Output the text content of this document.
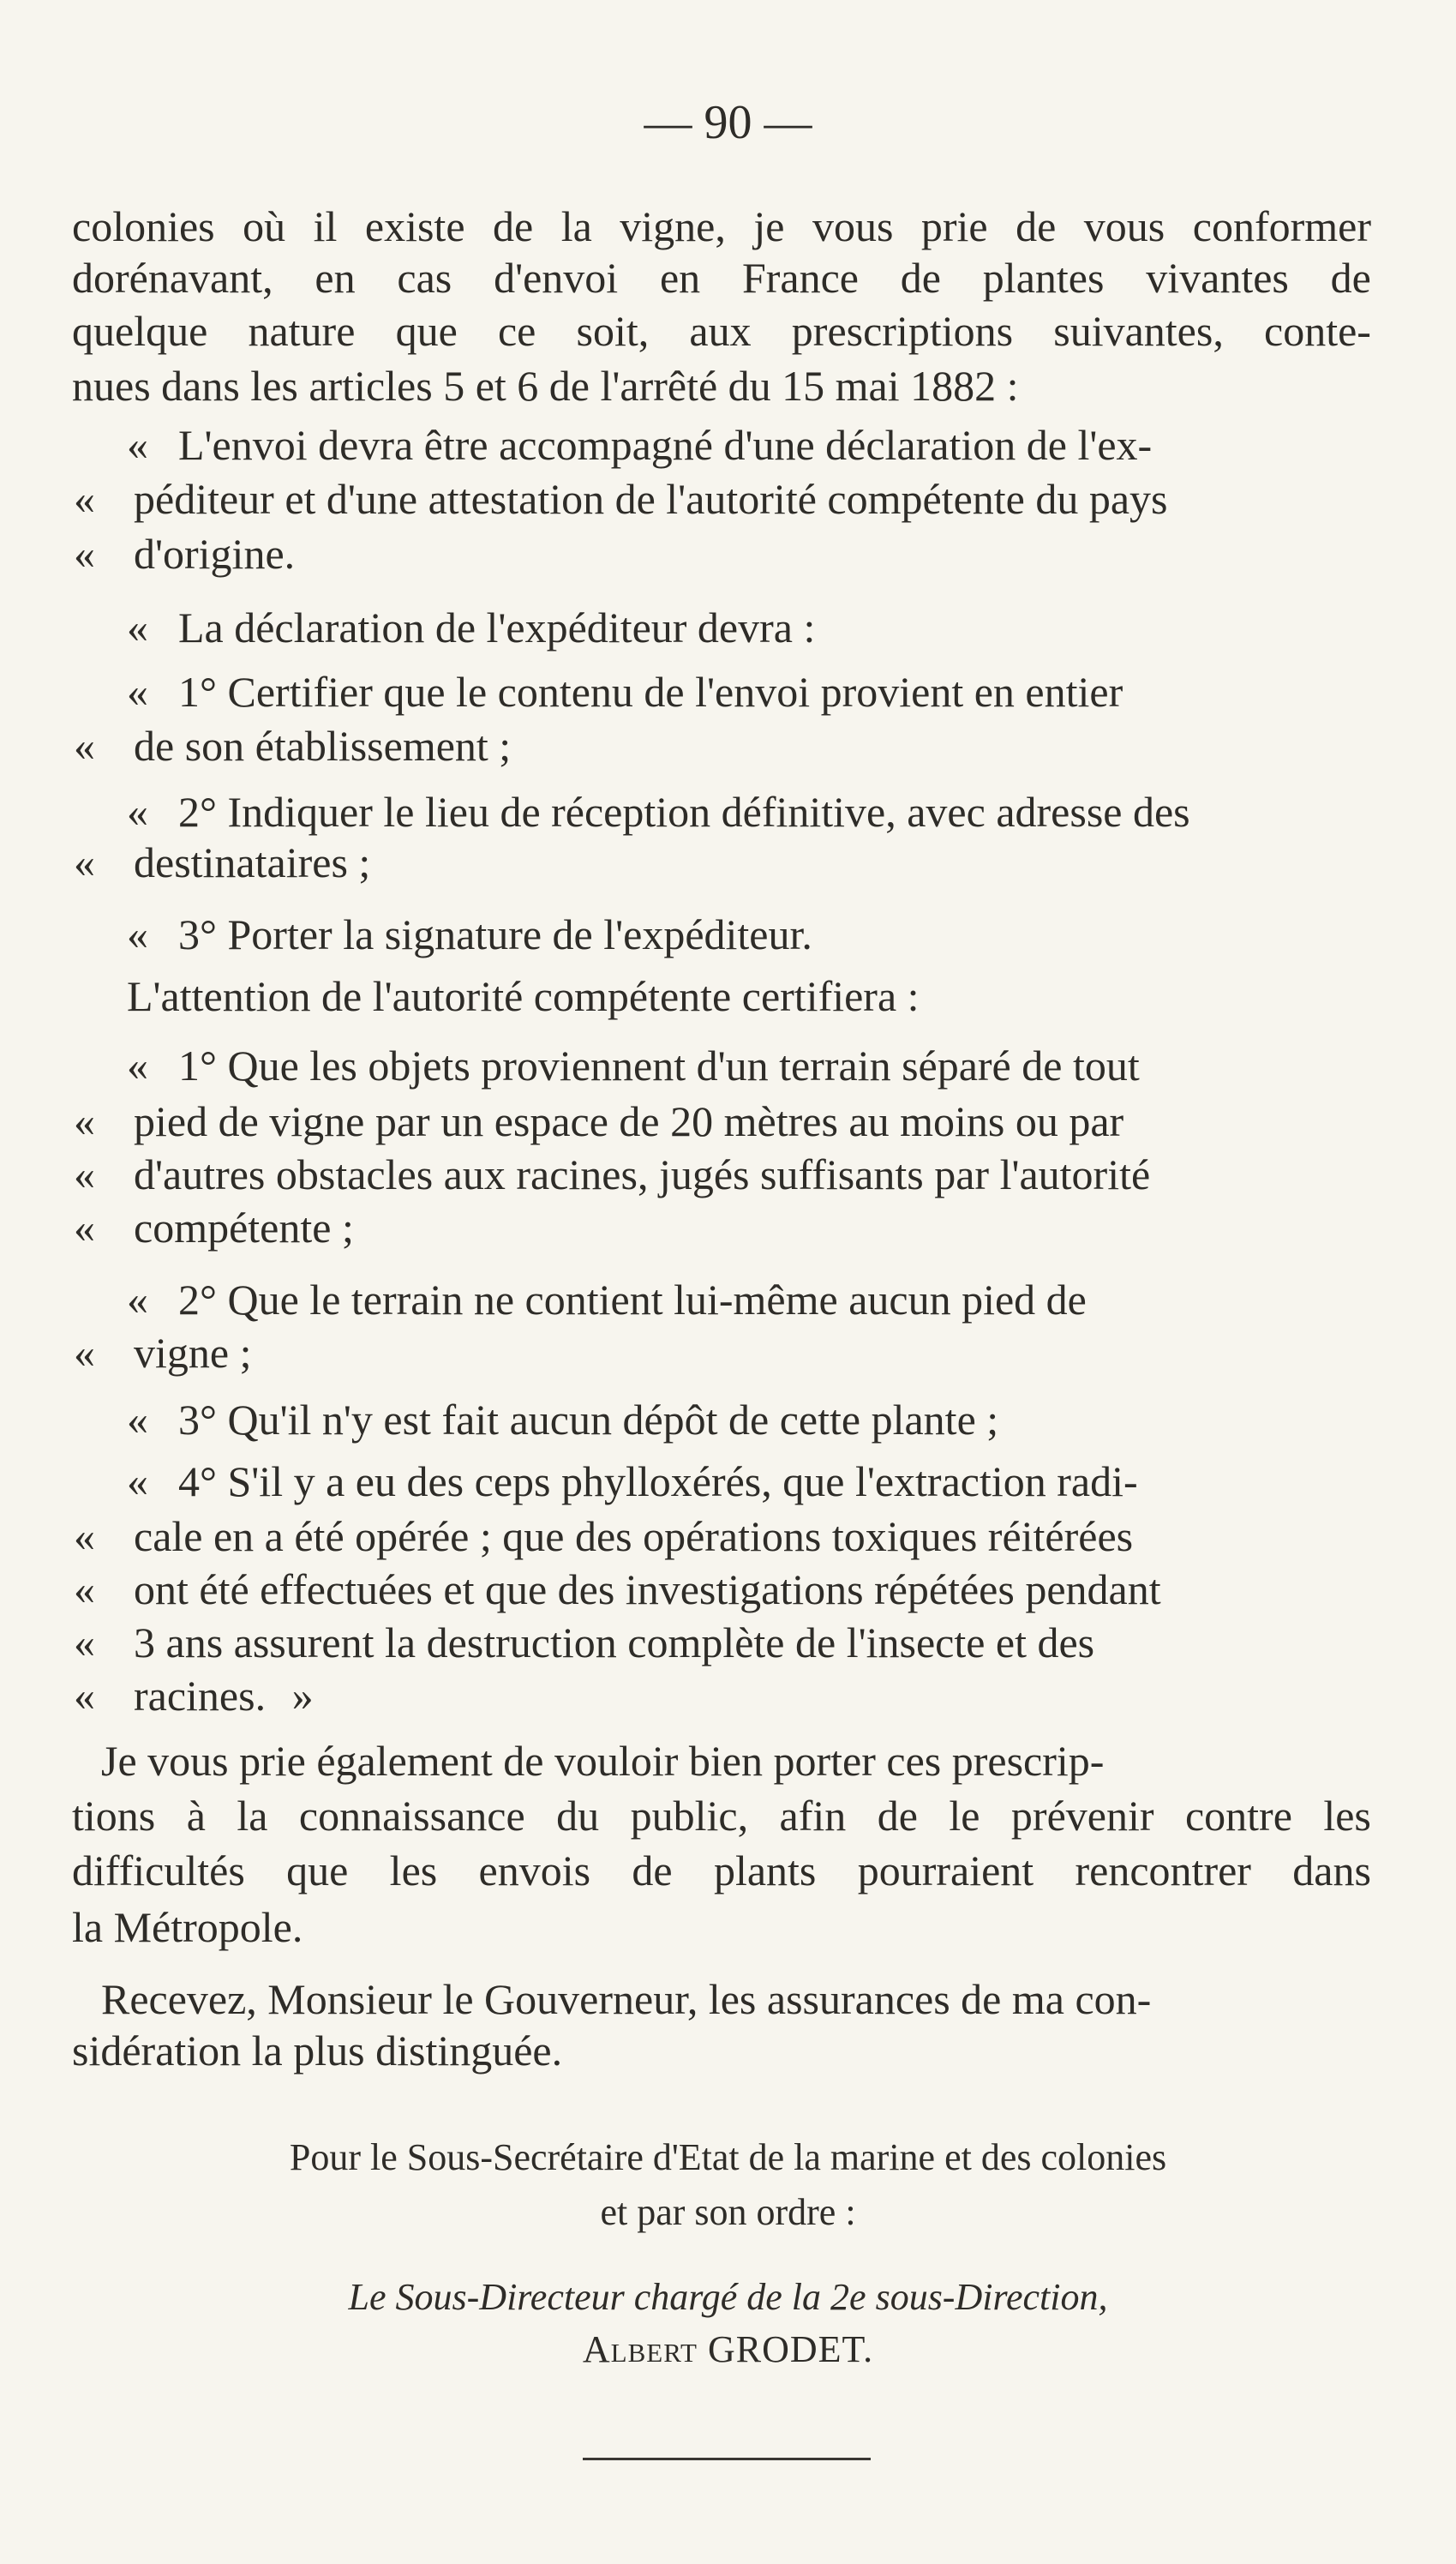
— 90 —
colonies où il existe de la vigne, je vous prie de vous conformer
dorénavant, en cas d'envoi en France de plantes vivantes de
quelque nature que ce soit, aux prescriptions suivantes, conte-
nues dans les articles 5 et 6 de l'arrêté du 15 mai 1882 :
« L'envoi devra être accompagné d'une déclaration de l'ex-
« péditeur et d'une attestation de l'autorité compétente du pays
« d'origine.
« La déclaration de l'expéditeur devra :
« 1° Certifier que le contenu de l'envoi provient en entier
« de son établissement ;
« 2° Indiquer le lieu de réception définitive, avec adresse des
« destinataires ;
« 3° Porter la signature de l'expéditeur.
L'attention de l'autorité compétente certifiera :
« 1° Que les objets proviennent d'un terrain séparé de tout
« pied de vigne par un espace de 20 mètres au moins ou par
« d'autres obstacles aux racines, jugés suffisants par l'autorité
« compétente ;
« 2° Que le terrain ne contient lui-même aucun pied de
« vigne ;
« 3° Qu'il n'y est fait aucun dépôt de cette plante ;
« 4° S'il y a eu des ceps phylloxérés, que l'extraction radi-
« cale en a été opérée ; que des opérations toxiques réitérées
« ont été effectuées et que des investigations répétées pendant
« 3 ans assurent la destruction complète de l'insecte et des
« racines. »
Je vous prie également de vouloir bien porter ces prescrip-
tions à la connaissance du public, afin de le prévenir contre les
difficultés que les envois de plants pourraient rencontrer dans
la Métropole.
Recevez, Monsieur le Gouverneur, les assurances de ma con-
sidération la plus distinguée.
Pour le Sous-Secrétaire d'Etat de la marine et des colonies
et par son ordre :
Le Sous-Directeur chargé de la 2e sous-Direction,
Albert GRODET.
